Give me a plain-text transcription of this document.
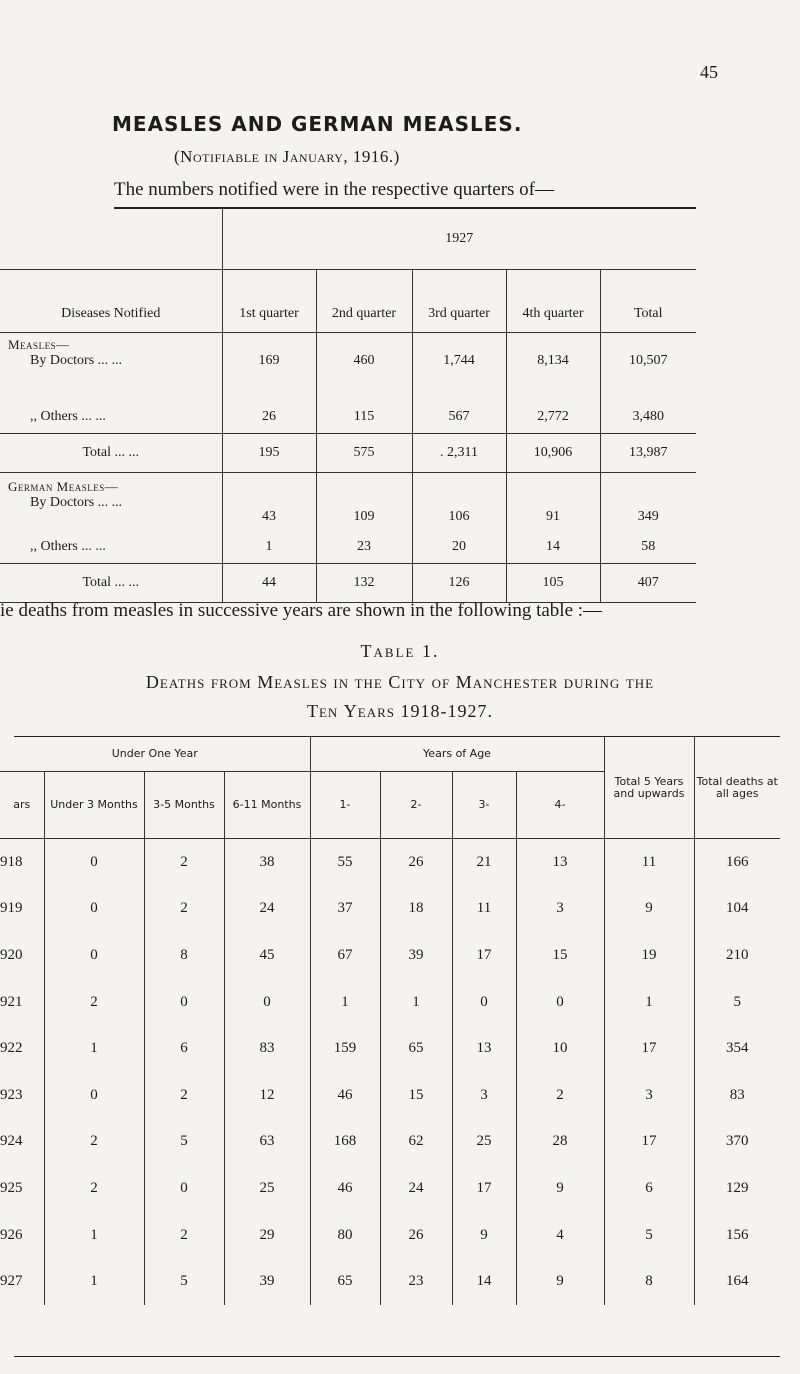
45
MEASLES AND GERMAN MEASLES.
(Notifiable in January, 1916.)
The numbers notified were in the respective quarters of—
	1927				
Diseases Notified	1st quarter	2nd quarter	3rd quarter	4th quarter	Total
Measles—					
By Doctors ... ...	169	460	1,744	8,134	10,507
,, Others ... ...	26	115	567	2,772	3,480
Total ... ...	195	575	. 2,311	10,906	13,987
German Measles—					
By Doctors ... ...	43	109	106	91	349
,, Others ... ...	1	23	20	14	58
Total ... ...	44	132	126	105	407
ie deaths from measles in successive years are shown in the following table :—
Table 1.
Deaths from Measles in the City of Manchester during the
Ten Years 1918-1927.
Under One Year				Years of Age				Total 5 Years and upwards	Total deaths at all ages
ars	Under 3 Months	3-5 Months	6-11 Months	1-	2-	3-	4-		
918	0	2	38	55	26	21	13	11	166
919	0	2	24	37	18	11	3	9	104
920	0	8	45	67	39	17	15	19	210
921	2	0	0	1	1	0	0	1	5
922	1	6	83	159	65	13	10	17	354
923	0	2	12	46	15	3	2	3	83
924	2	5	63	168	62	25	28	17	370
925	2	0	25	46	24	17	9	6	129
926	1	2	29	80	26	9	4	5	156
927	1	5	39	65	23	14	9	8	164
